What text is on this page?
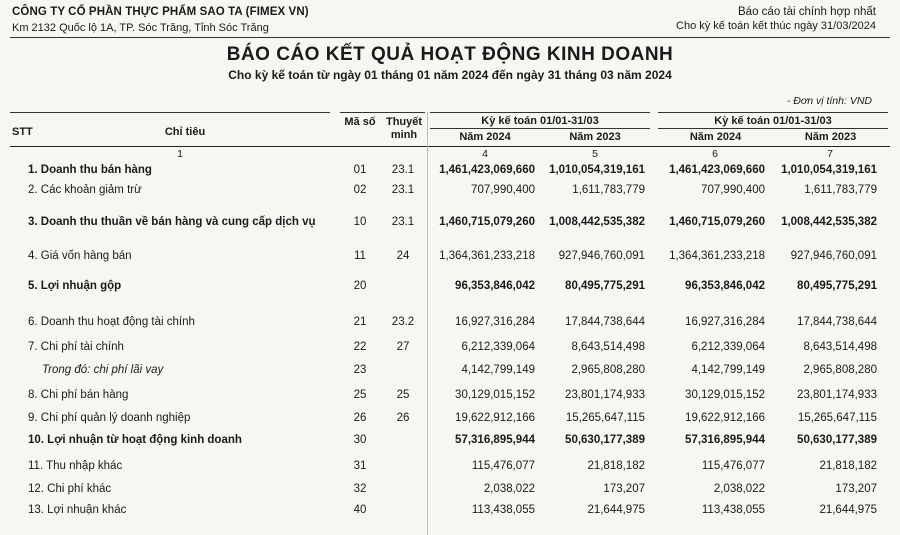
CÔNG TY CỔ PHẦN THỰC PHẨM SAO TA (FIMEX VN)
Km 2132 Quốc lộ 1A, TP. Sóc Trăng, Tỉnh Sóc Trăng
Báo cáo tài chính hợp nhất
Cho kỳ kế toán kết thúc ngày 31/03/2024
BÁO CÁO KẾT QUẢ HOẠT ĐỘNG KINH DOANH
Cho kỳ kế toán từ ngày 01 tháng 01 năm 2024 đến ngày 31 tháng 03 năm 2024
- Đơn vị tính: VND
STT	Chỉ tiêu
Mã số Thuyết minh
Kỳ kế toán 01/01-31/03	Kỳ kế toán 01/01-31/03
Năm 2024	Năm 2023	Năm 2024	Năm 2023
1	4	5	6	7
1. Doanh thu bán hàng	01	23.1	1,461,423,069,660	1,010,054,319,161	1,461,423,069,660	1,010,054,319,161
2. Các khoản giảm trừ	02	23.1	707,990,400	1,611,783,779	707,990,400	1,611,783,779
3. Doanh thu thuần về bán hàng và cung cấp dịch vụ	10	23.1	1,460,715,079,260	1,008,442,535,382	1,460,715,079,260	1,008,442,535,382
4. Giá vốn hàng bán	11	24	1,364,361,233,218	927,946,760,091	1,364,361,233,218	927,946,760,091
5. Lợi nhuận gộp	20	96,353,846,042	80,495,775,291	96,353,846,042	80,495,775,291
6. Doanh thu hoạt động tài chính	21	23.2	16,927,316,284	17,844,738,644	16,927,316,284	17,844,738,644
7. Chi phí tài chính	22	27	6,212,339,064	8,643,514,498	6,212,339,064	8,643,514,498
Trong đó: chi phí lãi vay	23	4,142,799,149	2,965,808,280	4,142,799,149	2,965,808,280
8. Chi phí bán hàng	25	25	30,129,015,152	23,801,174,933	30,129,015,152	23,801,174,933
9. Chi phí quản lý doanh nghiệp	26	26	19,622,912,166	15,265,647,115	19,622,912,166	15,265,647,115
10. Lợi nhuận từ hoạt động kinh doanh	30	57,316,895,944	50,630,177,389	57,316,895,944	50,630,177,389
11. Thu nhập khác	31	115,476,077	21,818,182	115,476,077	21,818,182
12. Chi phí khác	32	2,038,022	173,207	2,038,022	173,207
13. Lợi nhuận khác	40	113,438,055	21,644,975	113,438,055	21,644,975
